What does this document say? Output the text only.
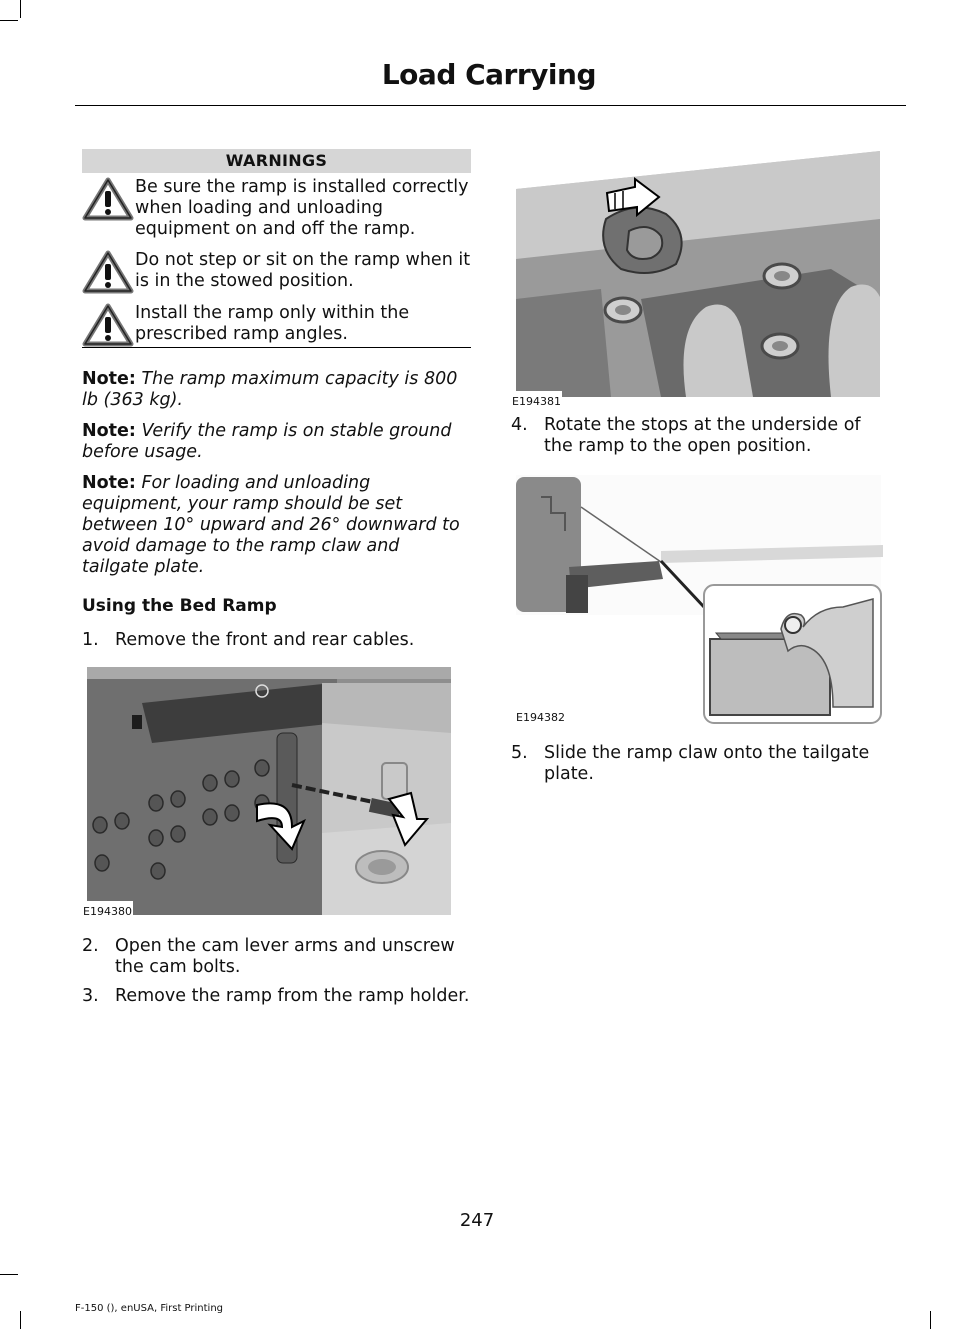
Load Carrying
WARNINGS

Be sure the ramp is installed correctly when loading and unloading equipment on and off the ramp.

Do not step or sit on the ramp when it is in the stowed position.

Install the ramp only within the prescribed ramp angles.

Note: The ramp maximum capacity is 800 lb (363 kg).

Note: Verify the ramp is on stable ground before usage.

Note: For loading and unloading equipment, your ramp should be set between 10° upward and 26° downward to avoid damage to the ramp claw and tailgate plate.

Using the Bed Ramp

1. Remove the front and rear cables.

E194380

2. Open the cam lever arms and unscrew the cam bolts.

3. Remove the ramp from the ramp holder.

E194381

4. Rotate the stops at the underside of the ramp to the open position.

E194382

5. Slide the ramp claw onto the tailgate plate.

247
F-150 (), enUSA, First Printing
